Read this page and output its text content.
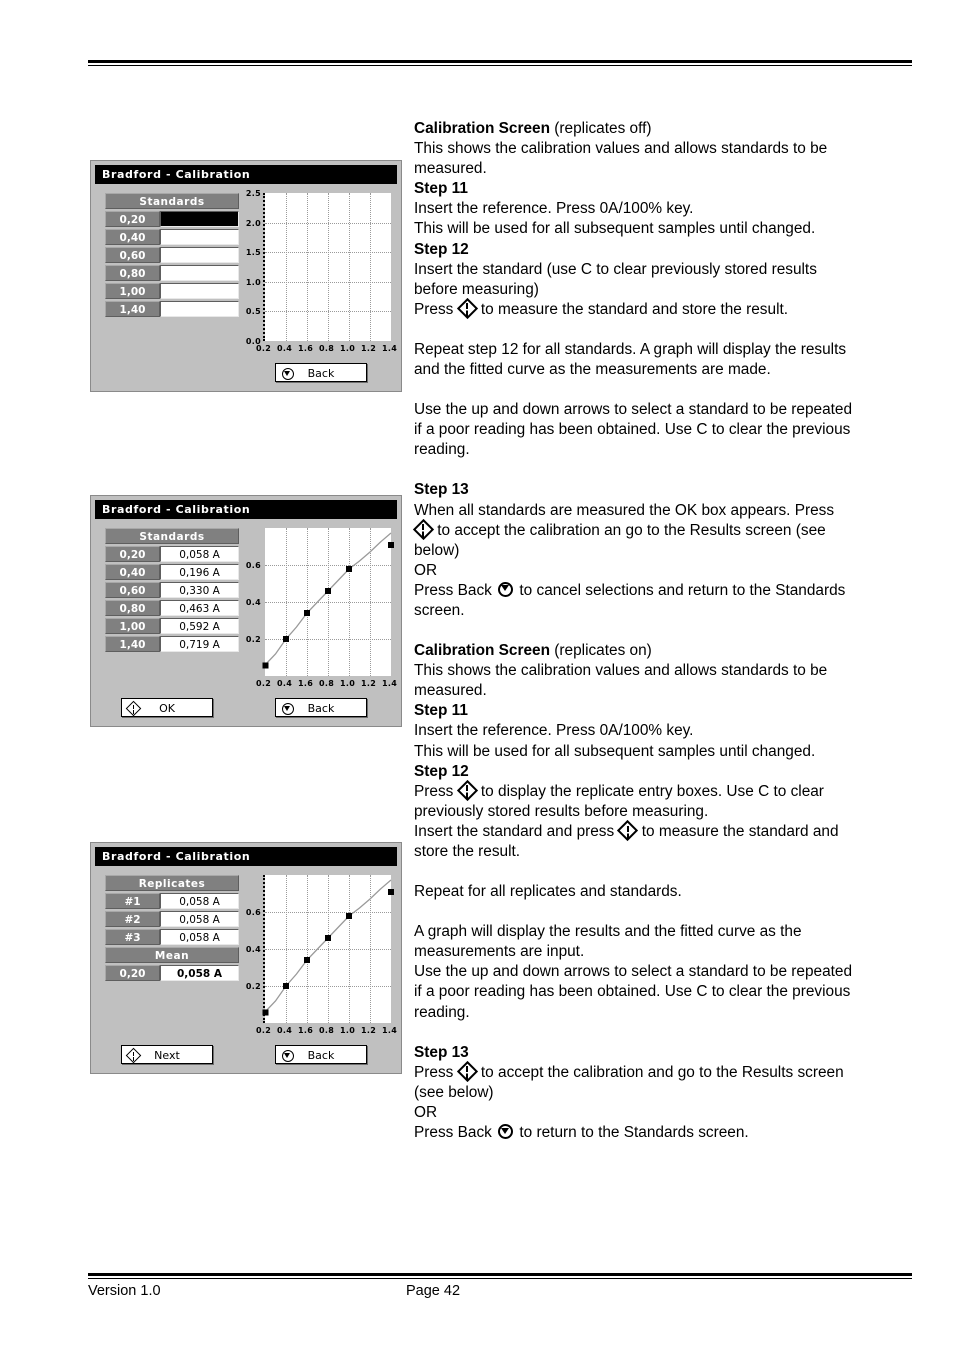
Version 1.0	Page 42

Calibration Screen (replicates off)

This shows the calibration values and allows standards to be

measured.

Step 11

Insert the reference. Press 0A/100% key.

This will be used for all subsequent samples until changed.

Step 12

Insert the standard (use C to clear previously stored results

before measuring)

Press  to measure the standard and store the result.

Repeat step 12 for all standards. A graph will display the results

and the fitted curve as the measurements are made.

Use the up and down arrows to select a standard to be repeated

if a poor reading has been obtained. Use C to clear the previous

reading.

Step 13

When all standards are measured the OK box appears. Press

to accept the calibration an go to the Results screen (see

below)

OR

Press Back  to cancel selections and return to the Standards

screen.

Calibration Screen (replicates on)

This shows the calibration values and allows standards to be

measured.

Step 11

Insert the reference. Press 0A/100% key.

This will be used for all subsequent samples until changed.

Step 12

Press  to display the replicate entry boxes. Use C to clear

previously stored results before measuring.

Insert the standard and press  to measure the standard and

store the result.

Repeat for all replicates and standards.

A graph will display the results and the fitted curve as the

measurements are input.

Use the up and down arrows to select a standard to be repeated

if a poor reading has been obtained. Use C to clear the previous

reading.

Step 13

Press  to accept the calibration and go to the Results screen

(see below)

OR

Press Back  to return to the Standards screen.

Bradford - Calibration
Standards
0,20
0,40
0,60
0,80
1,00
1,40
2.5
2.0
1.5
1.0
0.5
0.0
0.2 0.4 1.6 0.8 1.0 1.2 1.4
Back
Bradford - Calibration
Standards
0,20	0,058 A
0,40	0,196 A
0,60	0,330 A
0,80	0,463 A
1,00	0,592 A
1,40	0,719 A
0.6
0.4
0.2
0.2 0.4 1.6 0.8 1.0 1.2 1.4
OK	Back
Bradford - Calibration
Replicates
#1	0,058 A
#2	0,058 A
#3	0,058 A
Mean
0,20	0,058 A
0.6
0.4
0.2
0.2 0.4 1.6 0.8 1.0 1.2 1.4
Next	Back
